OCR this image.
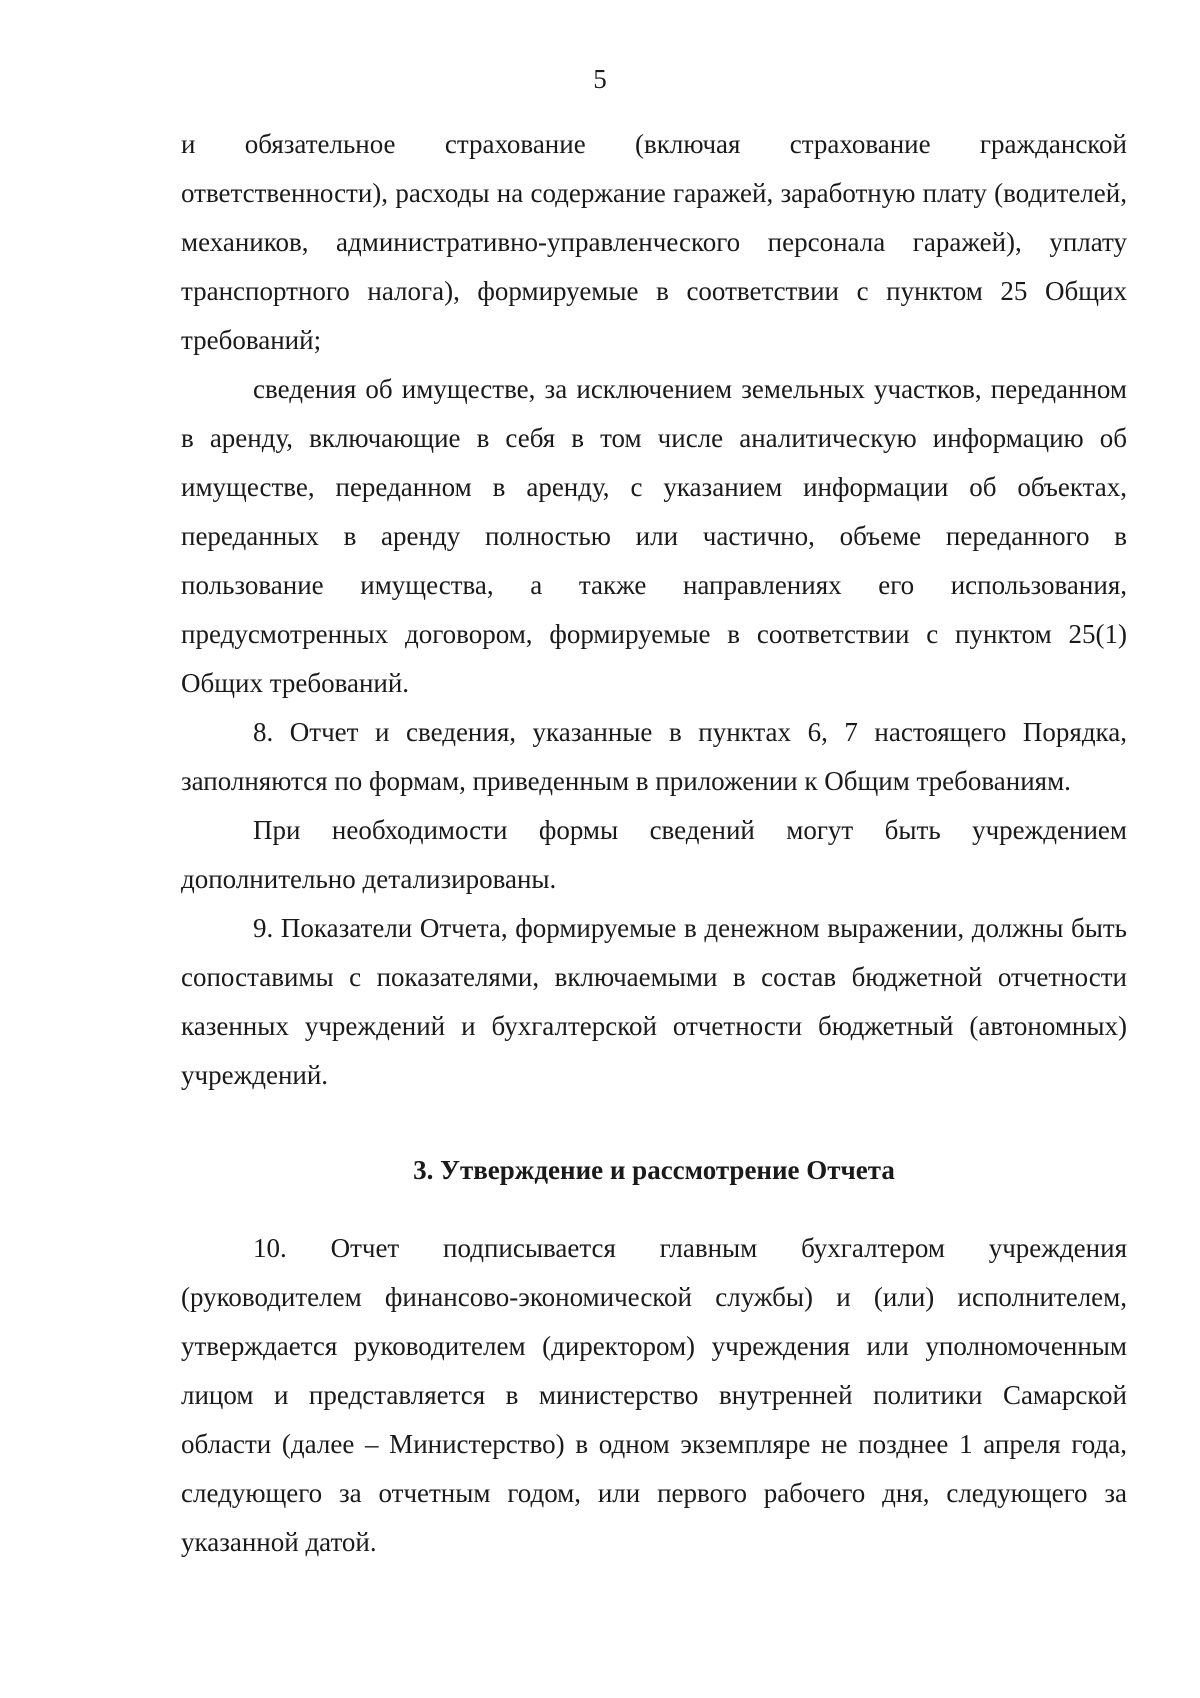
5

и обязательное страхование (включая страхование гражданской ответственности), расходы на содержание гаражей, заработную плату (водителей, механиков, административно-управленческого персонала гаражей), уплату транспортного налога), формируемые в соответствии с пунктом 25 Общих требований;

сведения об имуществе, за исключением земельных участков, переданном в аренду, включающие в себя в том числе аналитическую информацию об имуществе, переданном в аренду, с указанием информации об объектах, переданных в аренду полностью или частично, объеме переданного в пользование имущества, а также направлениях его использования, предусмотренных договором, формируемые в соответствии с пунктом 25(1) Общих требований.

8. Отчет и сведения, указанные в пунктах 6, 7 настоящего Порядка, заполняются по формам, приведенным в приложении к Общим требованиям.

При необходимости формы сведений могут быть учреждением дополнительно детализированы.

9. Показатели Отчета, формируемые в денежном выражении, должны быть сопоставимы с показателями, включаемыми в состав бюджетной отчетности казенных учреждений и бухгалтерской отчетности бюджетный (автономных) учреждений.

3. Утверждение и рассмотрение Отчета

10. Отчет подписывается главным бухгалтером учреждения (руководителем финансово-экономической службы) и (или) исполнителем, утверждается руководителем (директором) учреждения или уполномоченным лицом и представляется в министерство внутренней политики Самарской области (далее – Министерство) в одном экземпляре не позднее 1 апреля года, следующего за отчетным годом, или первого рабочего дня, следующего за указанной датой.
